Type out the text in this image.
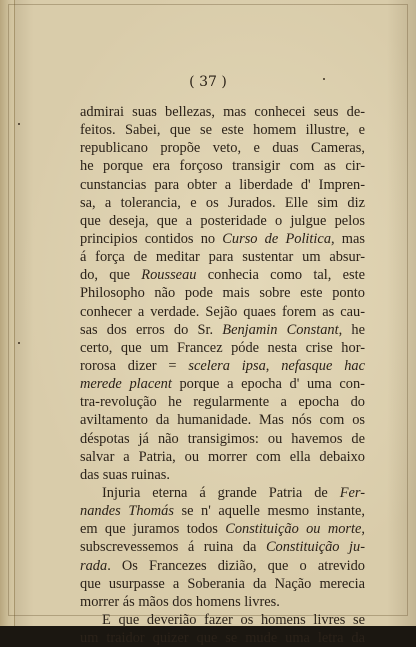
( 37 )
admirai suas bellezas, mas conhecei seus de-
feitos. Sabei, que se este homem illustre, e
republicano propõe veto, e duas Cameras,
he porque era forçoso transigir com as cir-
cunstancias para obter a liberdade d' Impren-
sa, a tolerancia, e os Jurados. Elle sim diz
que deseja, que a posteridade o julgue pelos
principios contidos no Curso de Politica, mas
á força de meditar para sustentar um absur-
do, que Rousseau conhecia como tal, este
Philosopho não pode mais sobre este ponto
conhecer a verdade. Sejão quaes forem as cau-
sas dos erros do Sr. Benjamin Constant, he
certo, que um Francez póde nesta crise hor-
rorosa dizer = scelera ipsa, nefasque hac
merede placent porque a epocha d' uma con-
tra-revolução he regularmente a epocha do
aviltamento da humanidade. Mas nós com os
déspotas já não transigimos: ou havemos de
salvar a Patria, ou morrer com ella debaixo
das suas ruinas.
Injuria eterna á grande Patria de Fer-
nandes Thomás se n' aquelle mesmo instante,
em que juramos todos Constituição ou morte,
subscrevessemos á ruina da Constituição ju-
rada. Os Francezes dizião, que o atrevido
que usurpasse a Soberania da Nação merecia
morrer ás mãos dos homens livres.
E que deverião fazer os homens livres se
um traidor quizer que se mude uma letra da
